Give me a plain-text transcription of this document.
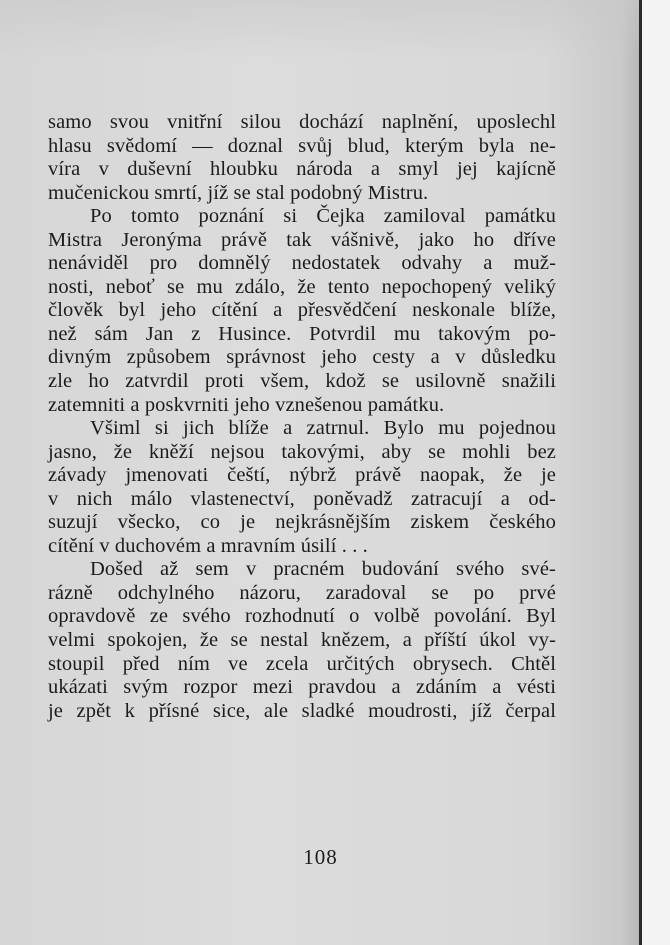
samo svou vnitřní silou dochází naplnění, uposlechl
hlasu svědomí — doznal svůj blud, kterým byla ne-
víra v duševní hloubku národa a smyl jej kajícně
mučenickou smrtí, jíž se stal podobný Mistru.
Po tomto poznání si Čejka zamiloval památku
Mistra Jeronýma právě tak vášnivě, jako ho dříve
nenáviděl pro domnělý nedostatek odvahy a muž-
nosti, neboť se mu zdálo, že tento nepochopený veliký
člověk byl jeho cítění a přesvědčení neskonale blíže,
než sám Jan z Husince. Potvrdil mu takovým po-
divným způsobem správnost jeho cesty a v důsledku
zle ho zatvrdil proti všem, kdož se usilovně snažili
zatemniti a poskvrniti jeho vznešenou památku.
Všiml si jich blíže a zatrnul. Bylo mu pojednou
jasno, že kněží nejsou takovými, aby se mohli bez
závady jmenovati čeští, nýbrž právě naopak, že je
v nich málo vlastenectví, poněvadž zatracují a od-
suzují všecko, co je nejkrásnějším ziskem českého
cítění v duchovém a mravním úsilí . . .
Došed až sem v pracném budování svého své-
rázně odchylného názoru, zaradoval se po prvé
opravdově ze svého rozhodnutí o volbě povolání. Byl
velmi spokojen, že se nestal knězem, a příští úkol vy-
stoupil před ním ve zcela určitých obrysech. Chtěl
ukázati svým rozpor mezi pravdou a zdáním a vésti
je zpět k přísné sice, ale sladké moudrosti, jíž čerpal
108
